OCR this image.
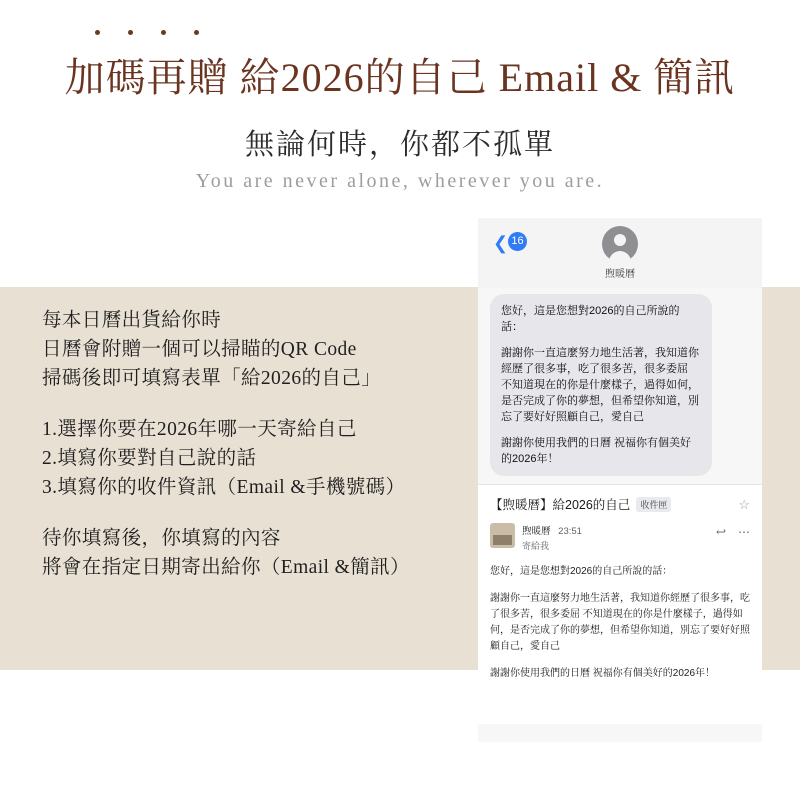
加碼再贈 給2026的自己 Email & 簡訊
無論何時，你都不孤單
You are never alone, wherever you are.
每本日曆出貨給你時
日曆會附贈一個可以掃瞄的QR Code
掃碼後即可填寫表單「給2026的自己」
1.選擇你要在2026年哪一天寄給自己
2.填寫你要對自己說的話
3.填寫你的收件資訊（Email &手機號碼）
待你填寫後，你填寫的內容
將會在指定日期寄出給你（Email &簡訊）
❮ 16
煦暖曆

您好，這是您想對2026的自己所說的話：

謝謝你一直這麼努力地生活著，我知道你經歷了很多事，吃了很多苦，很多委屈 不知道現在的你是什麼樣子，過得如何，是否完成了你的夢想，但希望你知道，別忘了要好好照顧自己，愛自己

謝謝你使用我們的日曆 祝福你有個美好的2026年！

【煦暖曆】給2026的自己	收件匣	☆
煦暖曆 23:51
寄給我
↩ ⋯

您好，這是您想對2026的自己所說的話：

謝謝你一直這麼努力地生活著，我知道你經歷了很多事，吃了很多苦，很多委屈 不知道現在的你是什麼樣子，過得如何，是否完成了你的夢想，但希望你知道，別忘了要好好照顧自己，愛自己

謝謝你使用我們的日曆 祝福你有個美好的2026年！
